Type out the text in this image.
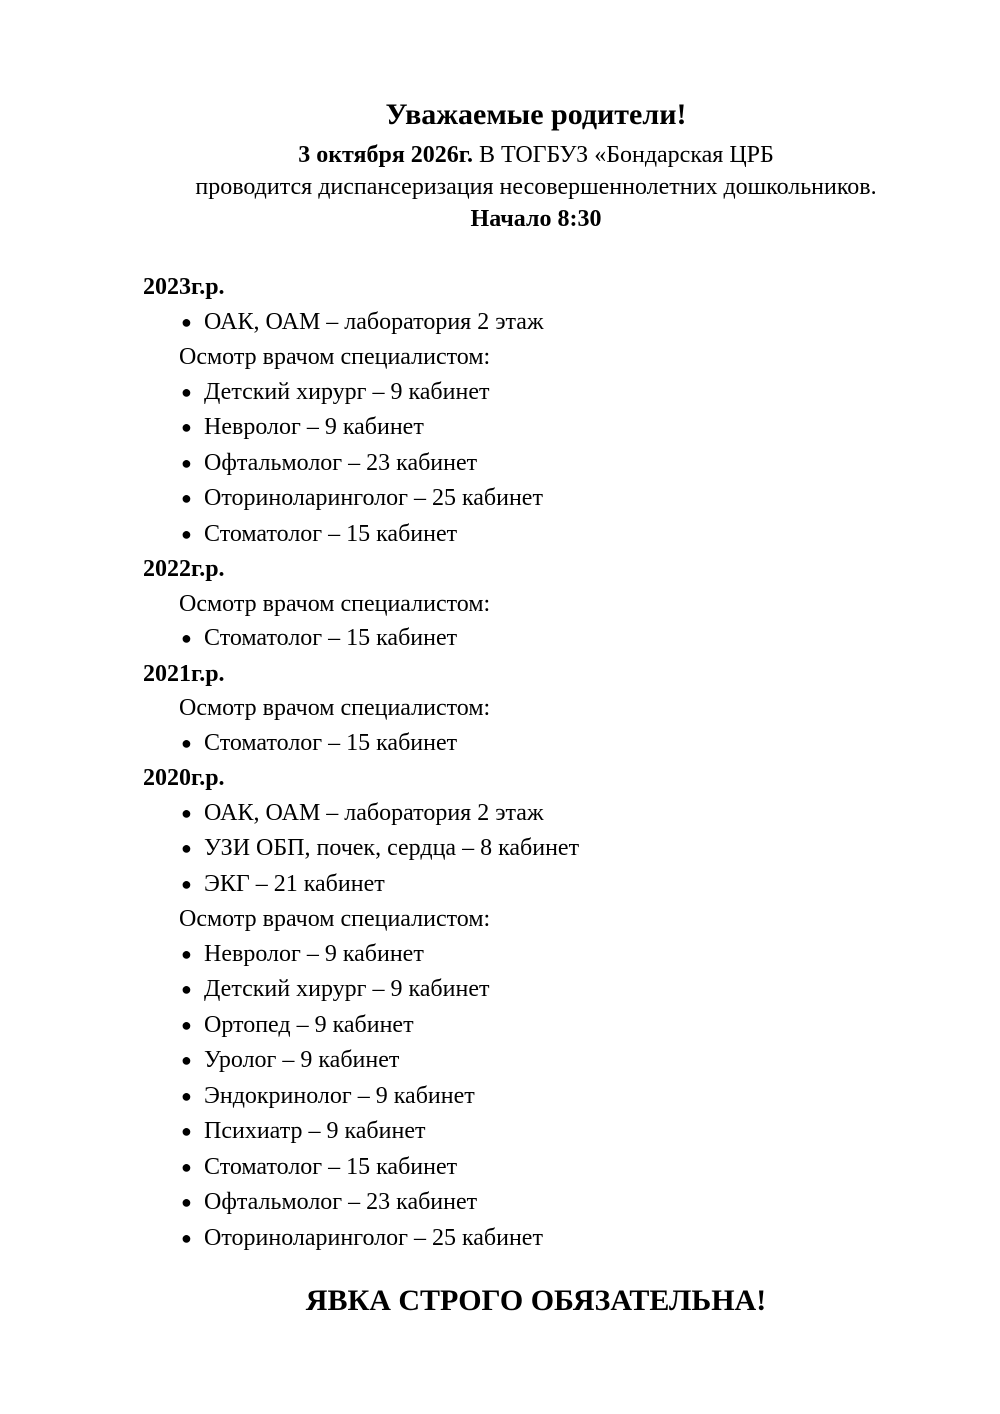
Уважаемые родители!
3 октября 2026г. В ТОГБУЗ «Бондарская ЦРБ
проводится диспансеризация несовершеннолетних дошкольников.
Начало 8:30
2023г.р.
● ОАК, ОАМ – лаборатория 2 этаж
Осмотр врачом специалистом:
● Детский хирург – 9 кабинет
● Невролог – 9 кабинет
● Офтальмолог – 23 кабинет
● Оториноларинголог – 25 кабинет
● Стоматолог – 15 кабинет
2022г.р.
Осмотр врачом специалистом:
● Стоматолог – 15 кабинет
2021г.р.
Осмотр врачом специалистом:
● Стоматолог – 15 кабинет
2020г.р.
● ОАК, ОАМ – лаборатория 2 этаж
● УЗИ ОБП, почек, сердца – 8 кабинет
● ЭКГ – 21 кабинет
Осмотр врачом специалистом:
● Невролог – 9 кабинет
● Детский хирург – 9 кабинет
● Ортопед – 9 кабинет
● Уролог – 9 кабинет
● Эндокринолог – 9 кабинет
● Психиатр – 9 кабинет
● Стоматолог – 15 кабинет
● Офтальмолог – 23 кабинет
● Оториноларинголог – 25 кабинет
ЯВКА СТРОГО ОБЯЗАТЕЛЬНА!
